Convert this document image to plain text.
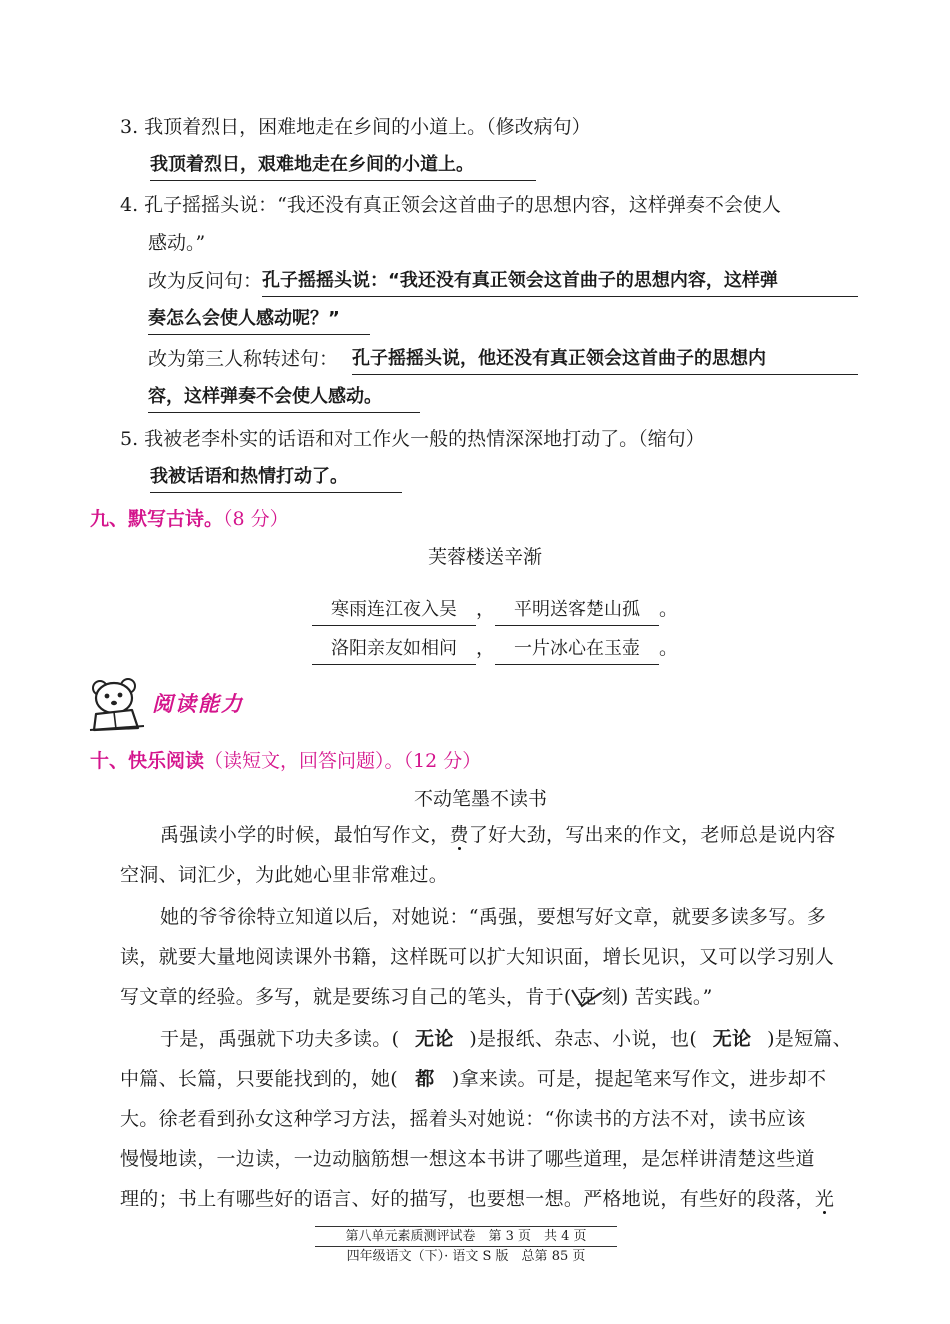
3. 我顶着烈日，困难地走在乡间的小道上。（修改病句）
我顶着烈日，艰难地走在乡间的小道上。
4. 孔子摇摇头说：“我还没有真正领会这首曲子的思想内容，这样弹奏不会使人
感动。”
改为反问句： 孔子摇摇头说：“我还没有真正领会这首曲子的思想内容，这样弹
奏怎么会使人感动呢？”
改为第三人称转述句： 孔子摇摇头说，他还没有真正领会这首曲子的思想内
容，这样弹奏不会使人感动。
5. 我被老李朴实的话语和对工作火一般的热情深深地打动了。（缩句）
我被话语和热情打动了。
九、默写古诗。（8 分）
芙蓉楼送辛渐
寒雨连江夜入吴 ， 平明送客楚山孤 。
洛阳亲友如相问 ， 一片冰心在玉壶 。
阅读能力
十、快乐阅读（读短文，回答问题）。（12 分）
不动笔墨不读书
禹强读小学的时候，最怕写作文，费了好大劲，写出来的作文，老师总是说内容
空洞、词汇少，为此她心里非常难过。
她的爷爷徐特立知道以后，对她说：“禹强，要想写好文章，就要多读多写。多
读，就要大量地阅读课外书籍，这样既可以扩大知识面，增长见识，又可以学习别人
写文章的经验。多写，就是要练习自己的笔头，肯于( 克 刻) 苦实践。”
于是，禹强就下功夫多读。( 无论 )是报纸、杂志、小说，也( 无论 )是短篇、
中篇、长篇，只要能找到的，她( 都 )拿来读。可是，提起笔来写作文，进步却不
大。徐老看到孙女这种学习方法，摇着头对她说：“你读书的方法不对，读书应该
慢慢地读，一边读，一边动脑筋想一想这本书讲了哪些道理，是怎样讲清楚这些道
理的；书上有哪些好的语言、好的描写，也要想一想。严格地说，有些好的段落，光
第八单元素质测评试卷　第 3 页　共 4 页
四年级语文（下）· 语文 S 版　总第 85 页
